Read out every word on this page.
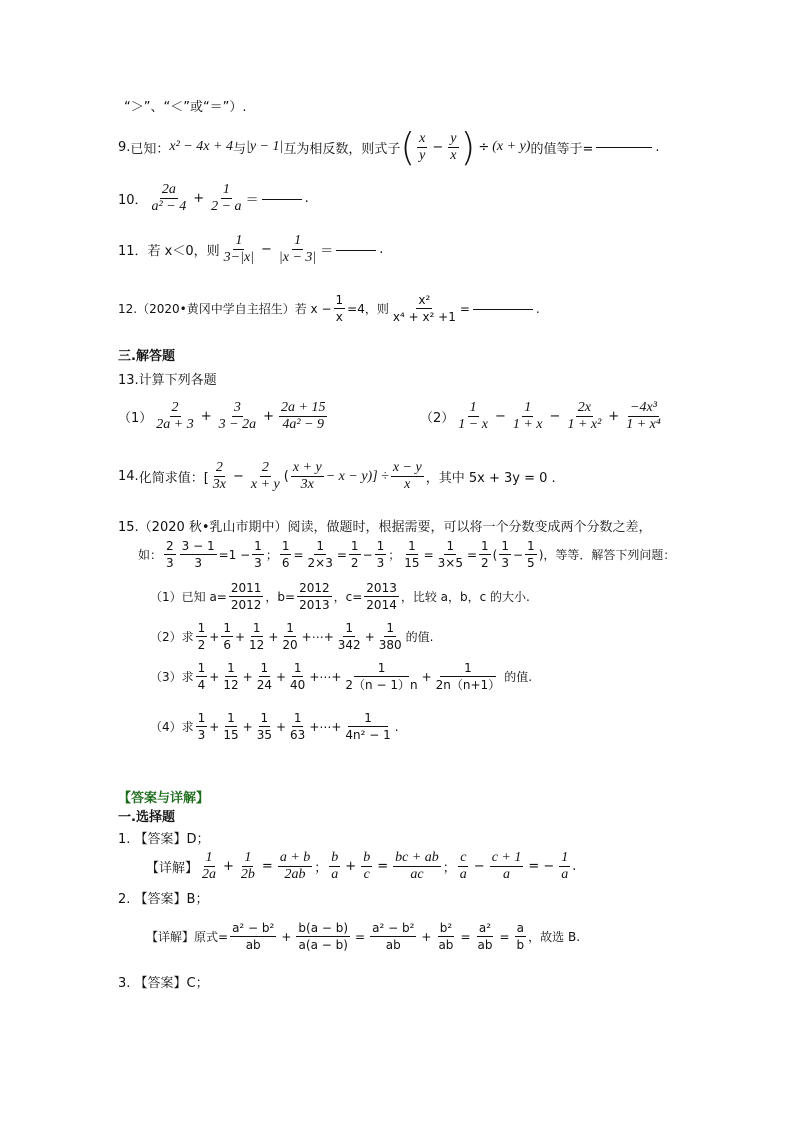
“＞”、“＜”或“＝”）.
9. 已知： x² − 4x + 4 与 |y − 1| 互为相反数，则式子 ( $\frac{x}{y} - \frac{y}{x}$ ) ÷ (x + y) 的值等于=	.
10． $\frac{2a}{\text{a² − 4}} + \frac{1}{2 - a}$ ＝	.
11． 若 x＜0，则 $\frac{1}{3-|x|} - \frac{1}{|x - 3|}$ ＝	.
12. （2020•黄冈中学自主招生）若 $x - \frac{1}{x} =4$，则 $\frac{\text{x²}}{\text{x⁴ + x² +1}}$ =	.
三.解答题
13.计算下列各题
$(1) \frac{2}{2a + 3} + \frac{3}{3 - 2a} + \frac{2a + 15}{\text{4a² − 9}}$	$(2) \frac{1}{1 - x} - \frac{1}{1 + x} - \frac{2x}{\text{1 + x²}} + \frac{\text{−4x³}}{\text{1 + x⁴}}$
14. 化简求值：[ $\frac{2}{3x} - \frac{2}{x + y}$ ( $\frac{x + y}{3x} - x - y)] \div \frac{x - y}{x}$ ，其中 5x + 3y = 0 .
15.（2020 秋•乳山市期中）阅读，做题时，根据需要，可以将一个分数变成两个分数之差，
如： $\frac{2}{3} \frac{3 - 1}{3} =1 - \frac{1}{3}$ ； $\frac{1}{6} = \frac{1}{2\times 3} = \frac{1}{2} - \frac{1}{3}$ ； $\frac{1}{15} = \frac{1}{3\times 5} = \frac{1}{2}$ ( $\frac{1}{3} - \frac{1}{5}$ )，等等．解答下列问题：
（1）已知 $a= \frac{2011}{2012}$ ，$b= \frac{2012}{2013}$ ，$c= \frac{2013}{2014}$ ，比较 a，b，c 的大小.
（2）求 $\frac{1}{2} + \frac{1}{6} + \frac{1}{12} + \frac{1}{20}$ +⋯+ $\frac{1}{342} + \frac{1}{380}$ 的值.
（3）求 $\frac{1}{4} + \frac{1}{12} + \frac{1}{24} + \frac{1}{40}$ +⋯+ $\frac{1}{2(n - 1)n} + \frac{1}{2n(n+1)}$ 的值.
（4）求 $\frac{1}{3} + \frac{1}{15} + \frac{1}{35} + \frac{1}{63}$ +⋯+ $\frac{1}{\text{4n² − 1}}$ .
【答案与详解】
一.选择题
1. 【答案】D；
【详解】 $\frac{1}{2a} + \frac{1}{2b} = \frac{a + b}{2ab}$ ； $\frac{b}{a} + \frac{b}{c} = \frac{bc + ab}{ac}$ ； $\frac{c}{a} - \frac{c + 1}{a}$ = − $\frac{1}{a}$ .
2. 【答案】B；
【详解】原式= $\frac{\text{a² − b²}}{ab} + \frac{b(a - b)}{a(a - b)} = \frac{\text{a² − b²}}{ab} + \frac{\text{b²}}{ab} = \frac{\text{a²}}{ab} = \frac{a}{b}$ ，故选 B.
3. 【答案】C；
